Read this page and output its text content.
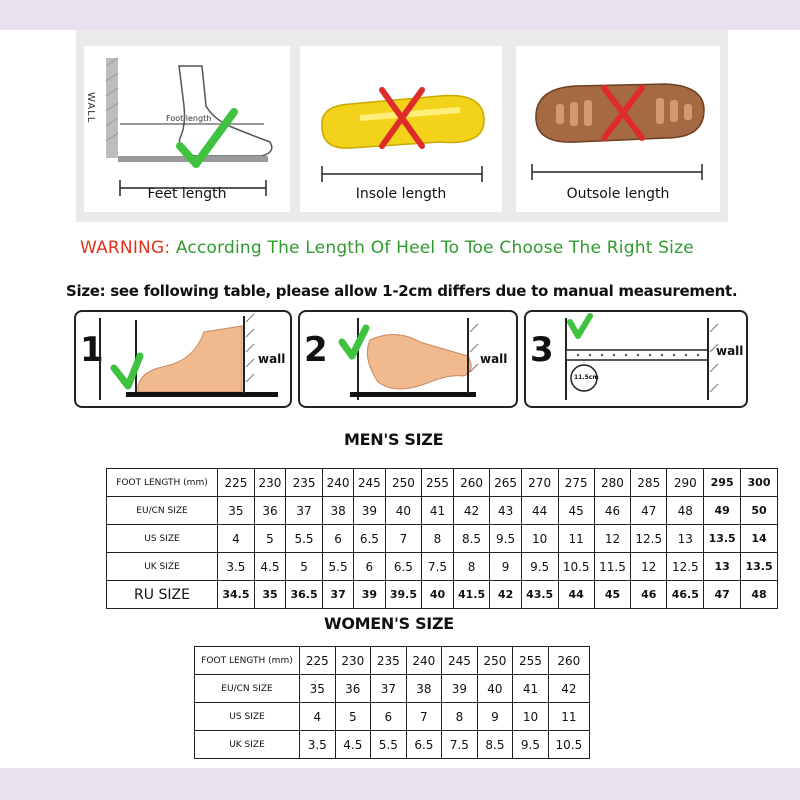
WALL	Foot length
Feet length	Insole length	Outsole length
WARNING: According The Length Of Heel To Toe Choose The Right Size
Size: see following table, please allow 1-2cm differs due to manual measurement.
1	wall 2	wall 3
11.5cm
wall
MEN'S SIZE
FOOT LENGTH (mm)	225	230	235	240	245	250	255	260	265	270	275	280	285	290	295	300
EU/CN SIZE	35	36	37	38	39	40	41	42	43	44	45	46	47	48	49	50
US SIZE	4	5	5.5	6	6.5	7	8	8.5	9.5	10	11	12	12.5	13	13.5	14
UK SIZE	3.5	4.5	5	5.5	6	6.5	7.5	8	9	9.5	10.5	11.5	12	12.5	13	13.5
RU SIZE	34.5	35	36.5	37	39	39.5	40	41.5	42	43.5	44	45	46	46.5	47	48
WOMEN'S SIZE
FOOT LENGTH (mm)	225	230	235	240	245	250	255	260
EU/CN SIZE	35	36	37	38	39	40	41	42
US SIZE	4	5	6	7	8	9	10	11
UK SIZE	3.5	4.5	5.5	6.5	7.5	8.5	9.5	10.5
